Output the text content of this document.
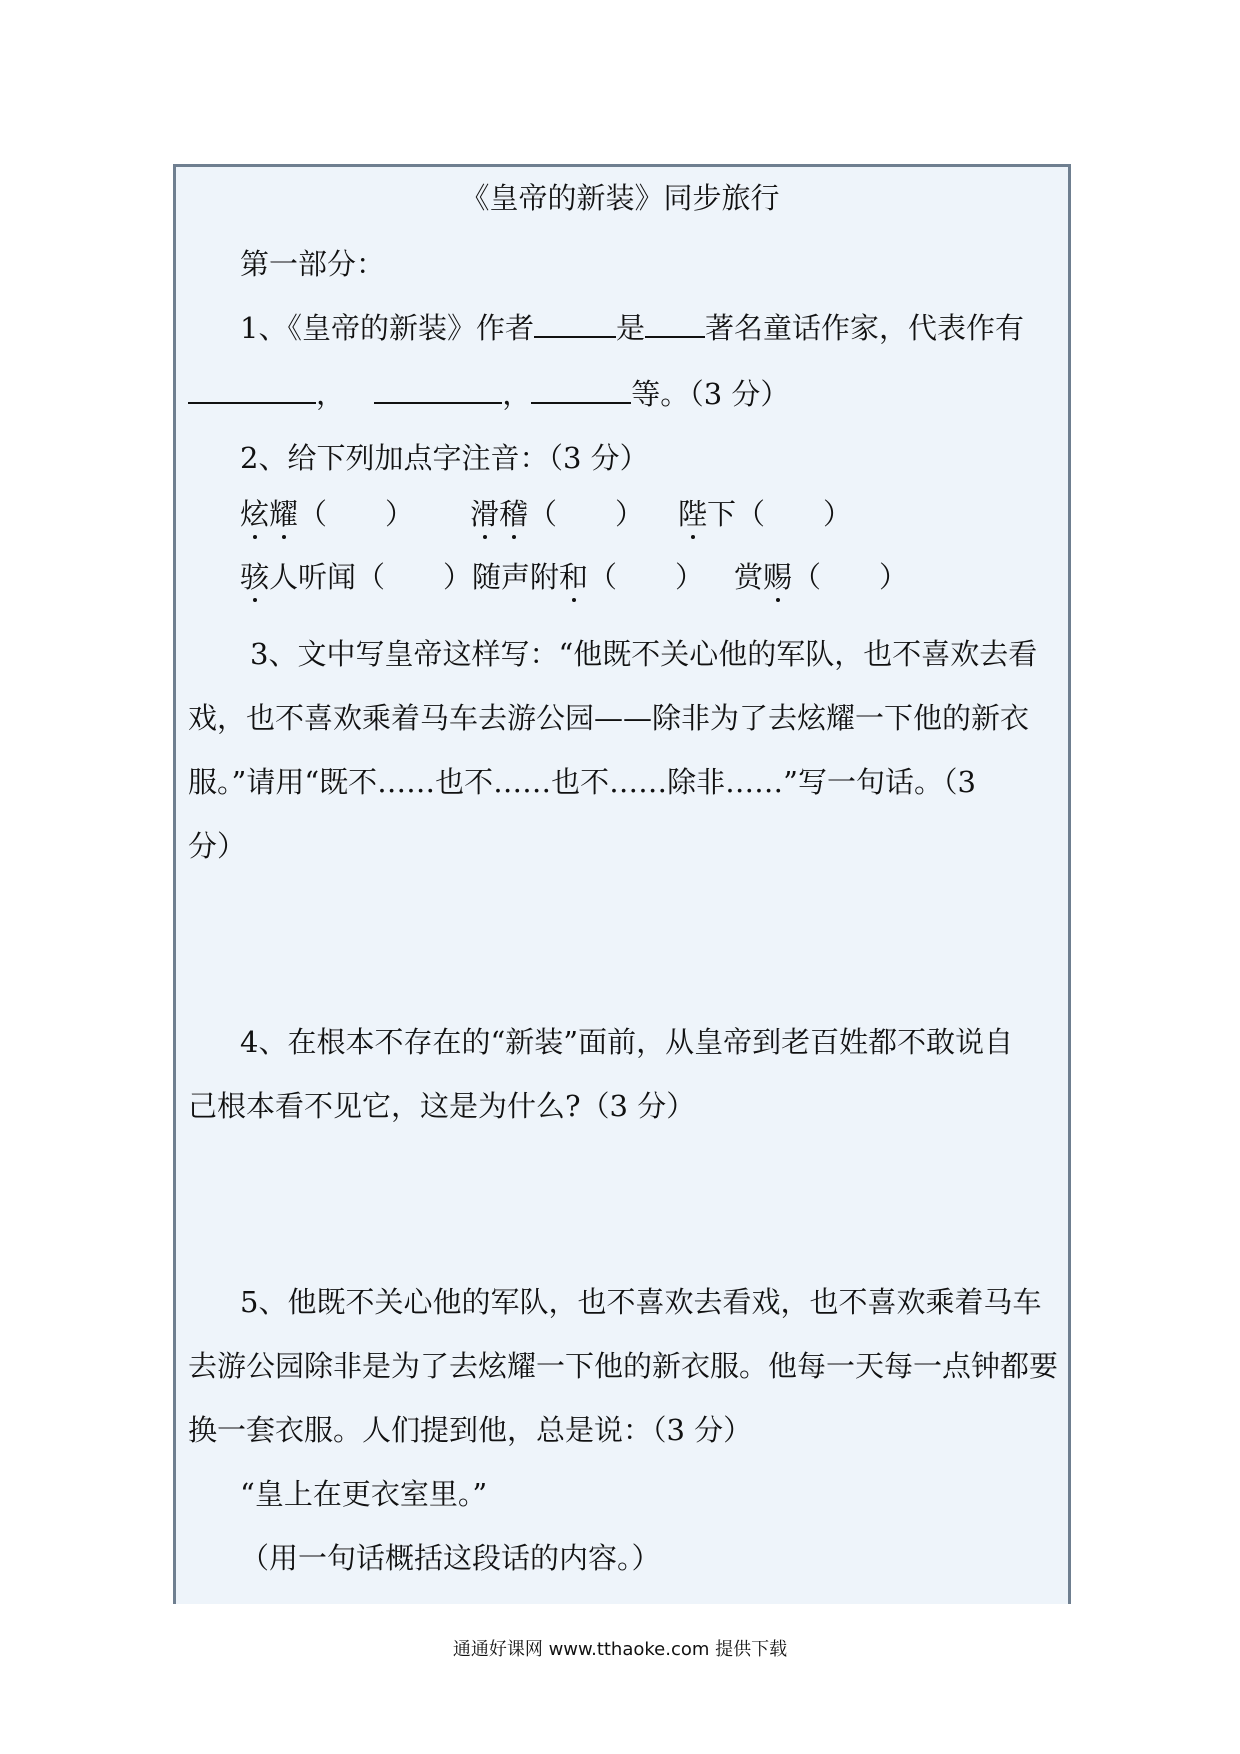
《皇帝的新装》同步旅行
第一部分：
1、《皇帝的新装》作者	是 著名童话作家，代表作有
，	，	等。（3 分）
2、给下列加点字注音：（3 分）
炫耀（　　） 滑稽（　　） 陛下（　　）
骇人听闻（　　） 随声附和（　　） 赏赐（　　）
3、文中写皇帝这样写：“他既不关心他的军队，也不喜欢去看
戏，也不喜欢乘着马车去游公园——除非为了去炫耀一下他的新衣
服。”请用“既不……也不……也不……除非……”写一句话。（3
分）
4、在根本不存在的“新装”面前，从皇帝到老百姓都不敢说自
己根本看不见它，这是为什么?（3 分）
5、他既不关心他的军队，也不喜欢去看戏，也不喜欢乘着马车
去游公园除非是为了去炫耀一下他的新衣服。他每一天每一点钟都要
换一套衣服。人们提到他，总是说：（3 分）
“皇上在更衣室里。”
（用一句话概括这段话的内容。）
通通好课网 www.tthaoke.com 提供下载
